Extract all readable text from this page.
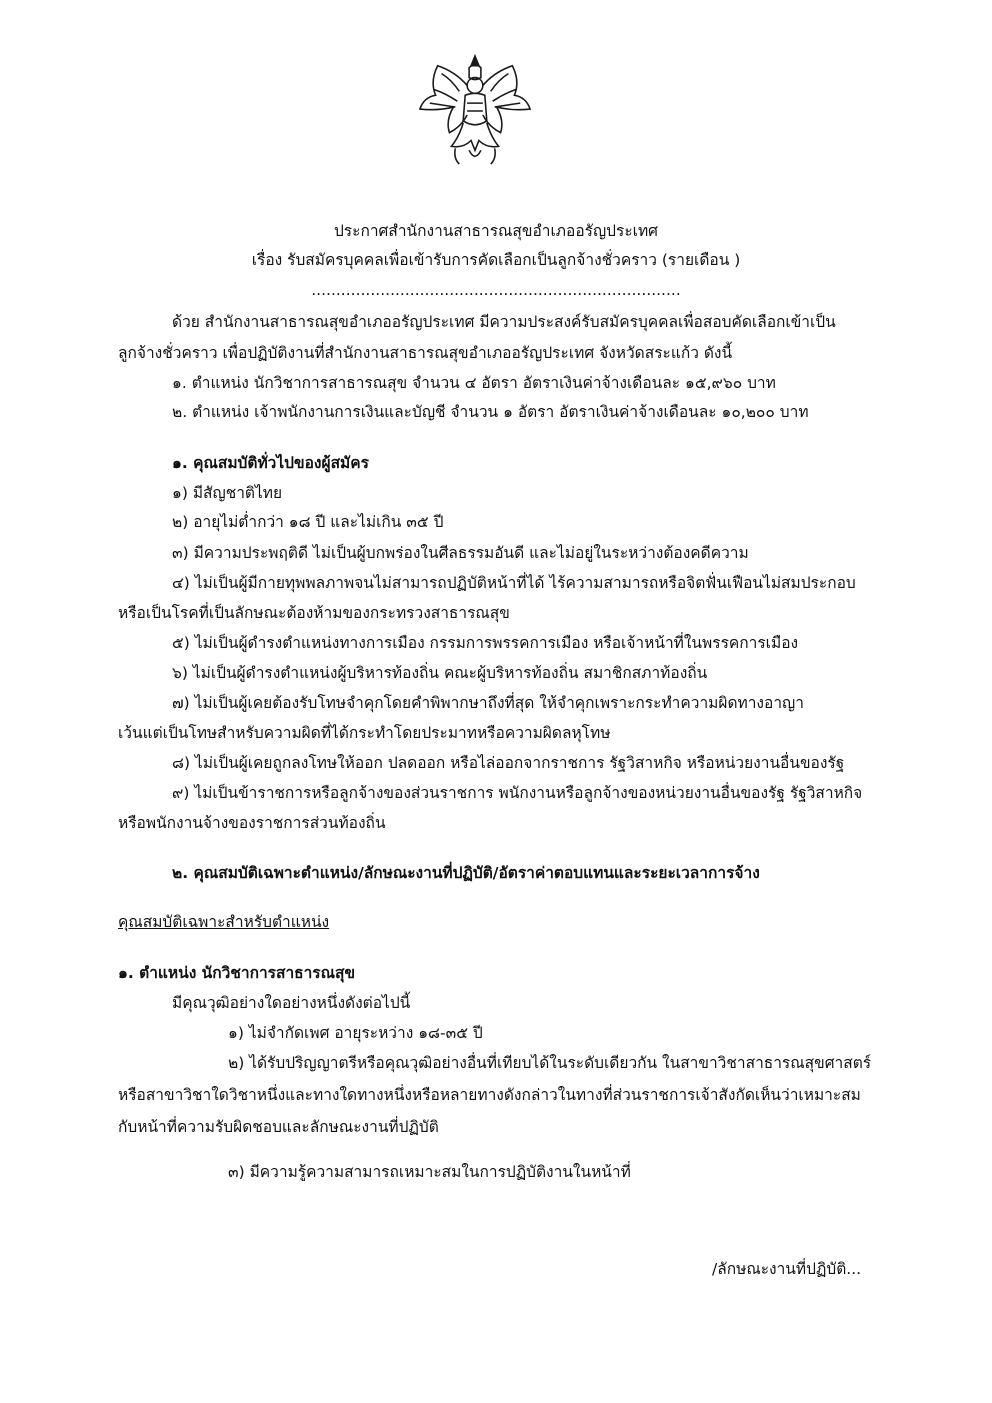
ประกาศสำนักงานสาธารณสุขอำเภออรัญประเทศ
เรื่อง รับสมัครบุคคลเพื่อเข้ารับการคัดเลือกเป็นลูกจ้างชั่วคราว (รายเดือน )
...........................................................................
ด้วย สำนักงานสาธารณสุขอำเภออรัญประเทศ มีความประสงค์รับสมัครบุคคลเพื่อสอบคัดเลือกเข้าเป็น
ลูกจ้างชั่วคราว เพื่อปฏิบัติงานที่สำนักงานสาธารณสุขอำเภออรัญประเทศ จังหวัดสระแก้ว ดังนี้
๑. ตำแหน่ง นักวิชาการสาธารณสุข จำนวน ๔ อัตรา อัตราเงินค่าจ้างเดือนละ ๑๕,๙๖๐ บาท
๒. ตำแหน่ง เจ้าพนักงานการเงินและบัญชี จำนวน ๑ อัตรา อัตราเงินค่าจ้างเดือนละ ๑๐,๒๐๐ บาท
๑. คุณสมบัติทั่วไปของผู้สมัคร
๑) มีสัญชาติไทย
๒) อายุไม่ต่ำกว่า ๑๘ ปี และไม่เกิน ๓๕ ปี
๓) มีความประพฤติดี ไม่เป็นผู้บกพร่องในศีลธรรมอันดี และไม่อยู่ในระหว่างต้องคดีความ
๔) ไม่เป็นผู้มีกายทุพพลภาพจนไม่สามารถปฏิบัติหน้าที่ได้ ไร้ความสามารถหรือจิตฟั่นเฟือนไม่สมประกอบ
หรือเป็นโรคที่เป็นลักษณะต้องห้ามของกระทรวงสาธารณสุข
๕) ไม่เป็นผู้ดำรงตำแหน่งทางการเมือง กรรมการพรรคการเมือง หรือเจ้าหน้าที่ในพรรคการเมือง
๖) ไม่เป็นผู้ดำรงตำแหน่งผู้บริหารท้องถิ่น คณะผู้บริหารท้องถิ่น สมาชิกสภาท้องถิ่น
๗) ไม่เป็นผู้เคยต้องรับโทษจำคุกโดยคำพิพากษาถึงที่สุด ให้จำคุกเพราะกระทำความผิดทางอาญา
เว้นแต่เป็นโทษสำหรับความผิดที่ได้กระทำโดยประมาทหรือความผิดลหุโทษ
๘) ไม่เป็นผู้เคยถูกลงโทษให้ออก ปลดออก หรือไล่ออกจากราชการ รัฐวิสาหกิจ หรือหน่วยงานอื่นของรัฐ
๙) ไม่เป็นข้าราชการหรือลูกจ้างของส่วนราชการ พนักงานหรือลูกจ้างของหน่วยงานอื่นของรัฐ รัฐวิสาหกิจ
หรือพนักงานจ้างของราชการส่วนท้องถิ่น
๒. คุณสมบัติเฉพาะตำแหน่ง/ลักษณะงานที่ปฏิบัติ/อัตราค่าตอบแทนและระยะเวลาการจ้าง
คุณสมบัติเฉพาะสำหรับตำแหน่ง
๑. ตำแหน่ง นักวิชาการสาธารณสุข
มีคุณวุฒิอย่างใดอย่างหนึ่งดังต่อไปนี้
๑) ไม่จำกัดเพศ อายุระหว่าง ๑๘-๓๕ ปี
๒) ได้รับปริญญาตรีหรือคุณวุฒิอย่างอื่นที่เทียบได้ในระดับเดียวกัน ในสาขาวิชาสาธารณสุขศาสตร์
หรือสาขาวิชาใดวิชาหนึ่งและทางใดทางหนึ่งหรือหลายทางดังกล่าวในทางที่ส่วนราชการเจ้าสังกัดเห็นว่าเหมาะสม
กับหน้าที่ความรับผิดชอบและลักษณะงานที่ปฏิบัติ
๓) มีความรู้ความสามารถเหมาะสมในการปฏิบัติงานในหน้าที่
/ลักษณะงานที่ปฏิบัติ...
